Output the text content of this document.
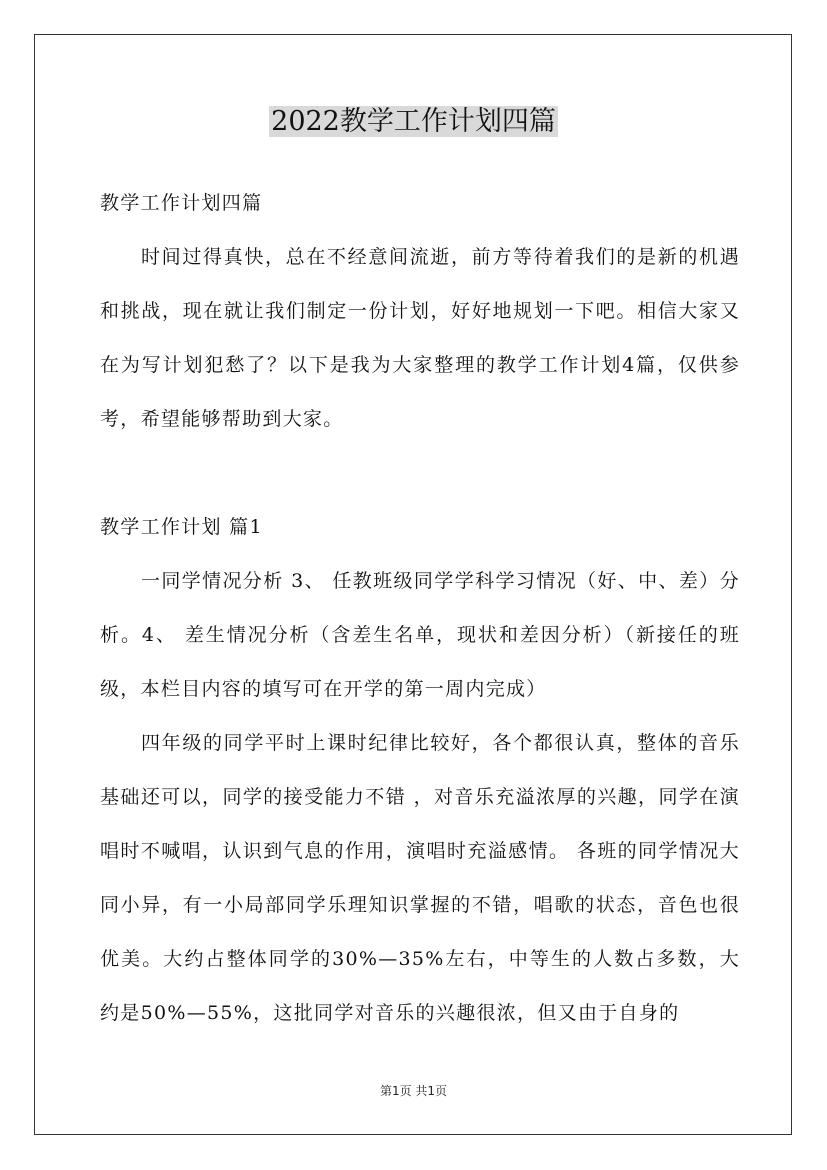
2022教学工作计划四篇

教学工作计划四篇

时间过得真快，总在不经意间流逝，前方等待着我们的是新的机遇和挑战，现在就让我们制定一份计划，好好地规划一下吧。相信大家又在为写计划犯愁了？以下是我为大家整理的教学工作计划4篇，仅供参考，希望能够帮助到大家。

教学工作计划 篇1

一同学情况分析 3、 任教班级同学学科学习情况（好、中、差）分析。4、 差生情况分析（含差生名单，现状和差因分析）（新接任的班级，本栏目内容的填写可在开学的第一周内完成）

四年级的同学平时上课时纪律比较好，各个都很认真，整体的音乐基础还可以，同学的接受能力不错 ，对音乐充溢浓厚的兴趣，同学在演唱时不喊唱，认识到气息的作用，演唱时充溢感情。 各班的同学情况大同小异，有一小局部同学乐理知识掌握的不错，唱歌的状态，音色也很优美。大约占整体同学的30%—35%左右，中等生的人数占多数，大约是50%—55%，这批同学对音乐的兴趣很浓，但又由于自身的

第1页 共1页
